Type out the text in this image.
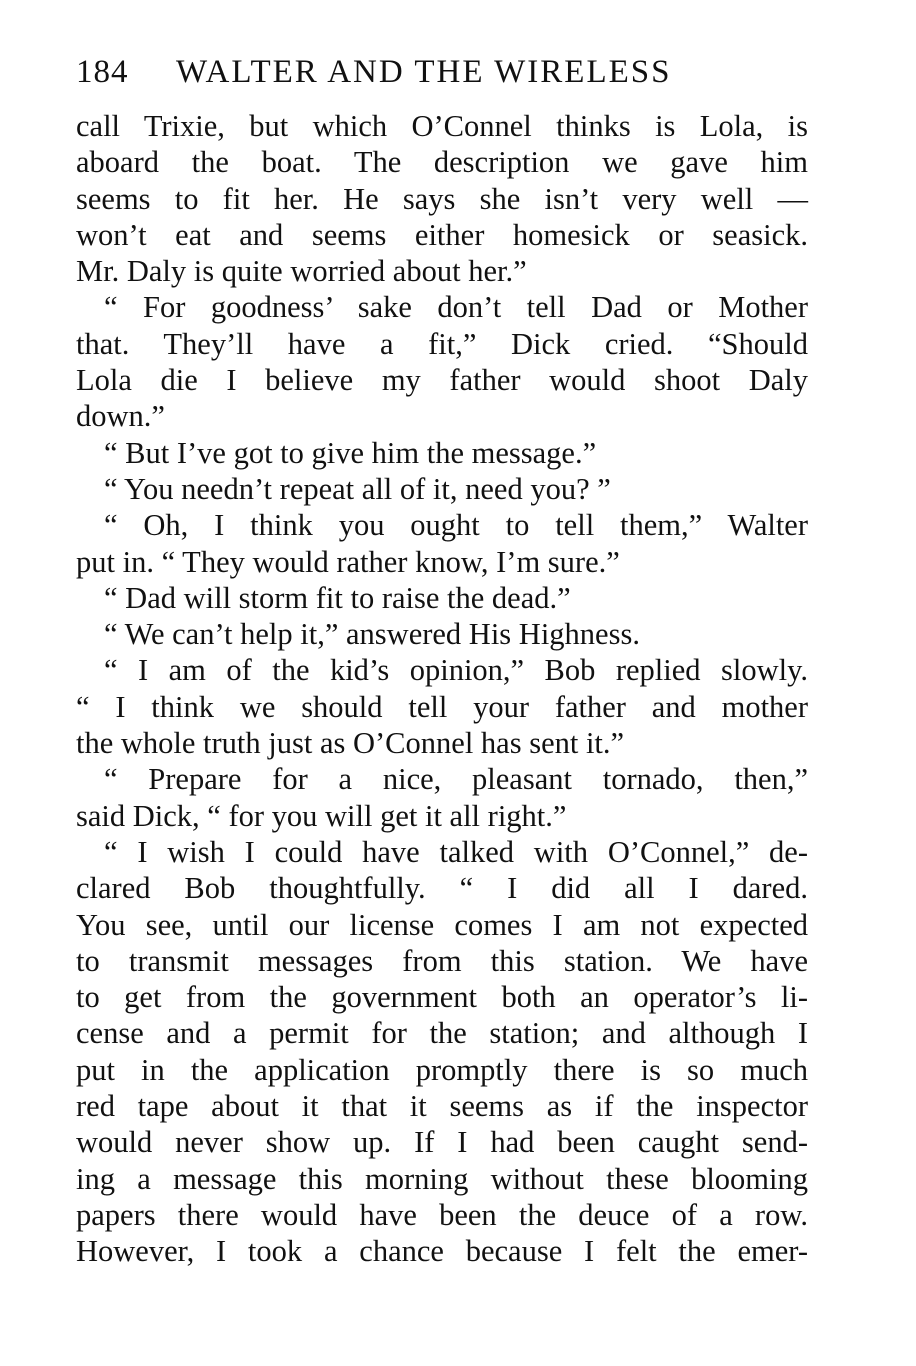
184	WALTER AND THE WIRELESS
call Trixie, but which O’Connel thinks is Lola, is
aboard the boat. The description we gave him
seems to fit her. He says she isn’t very well —
won’t eat and seems either homesick or seasick.
Mr. Daly is quite worried about her.”
“ For goodness’ sake don’t tell Dad or Mother
that. They’ll have a fit,” Dick cried. “Should
Lola die I believe my father would shoot Daly
down.”
“ But I’ve got to give him the message.”
“ You needn’t repeat all of it, need you? ”
“ Oh, I think you ought to tell them,” Walter
put in. “ They would rather know, I’m sure.”
“ Dad will storm fit to raise the dead.”
“ We can’t help it,” answered His Highness.
“ I am of the kid’s opinion,” Bob replied slowly.
“ I think we should tell your father and mother
the whole truth just as O’Connel has sent it.”
“ Prepare for a nice, pleasant tornado, then,”
said Dick, “ for you will get it all right.”
“ I wish I could have talked with O’Connel,” de-
clared Bob thoughtfully. “ I did all I dared.
You see, until our license comes I am not expected
to transmit messages from this station. We have
to get from the government both an operator’s li-
cense and a permit for the station; and although I
put in the application promptly there is so much
red tape about it that it seems as if the inspector
would never show up. If I had been caught send-
ing a message this morning without these blooming
papers there would have been the deuce of a row.
However, I took a chance because I felt the emer-
